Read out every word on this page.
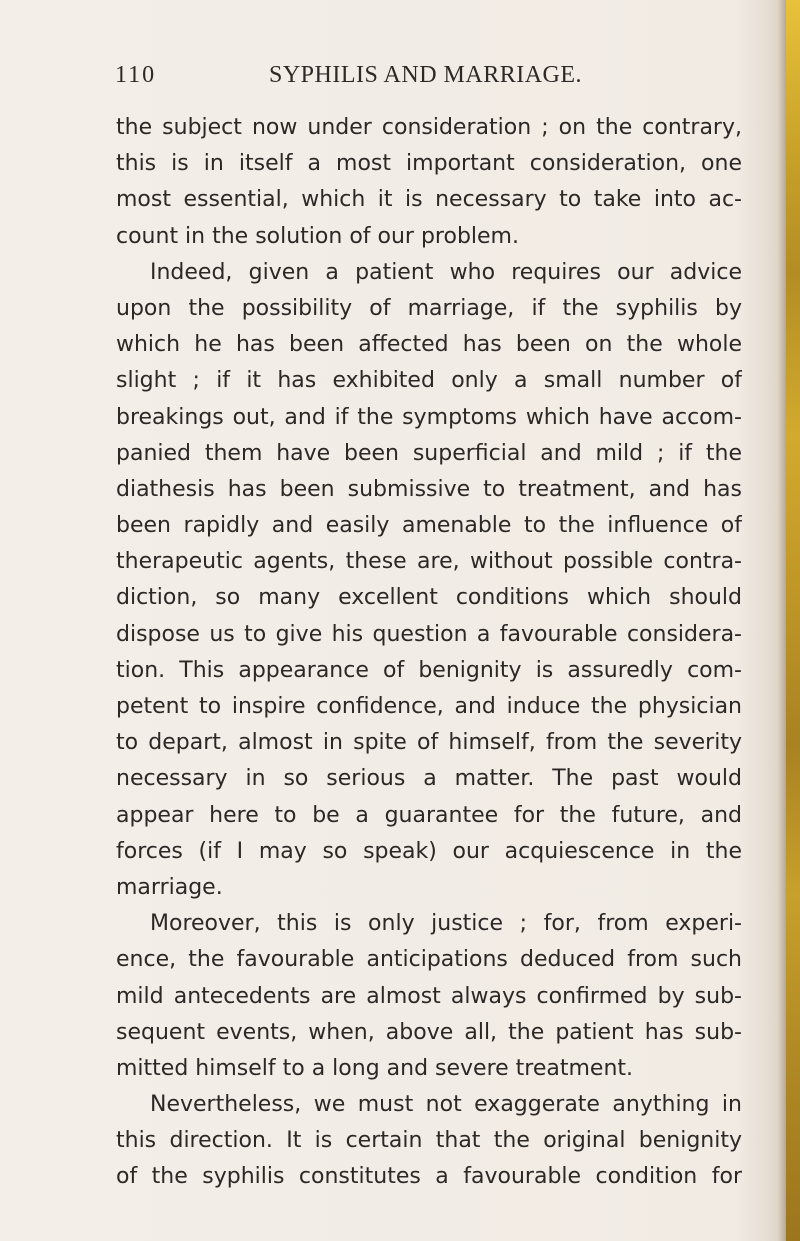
110	SYPHILIS AND MARRIAGE.
the subject now under consideration ; on the contrary,
this is in itself a most important consideration, one
most essential, which it is necessary to take into ac-
count in the solution of our problem.
Indeed, given a patient who requires our advice
upon the possibility of marriage, if the syphilis by
which he has been affected has been on the whole
slight ; if it has exhibited only a small number of
breakings out, and if the symptoms which have accom-
panied them have been superficial and mild ; if the
diathesis has been submissive to treatment, and has
been rapidly and easily amenable to the influence of
therapeutic agents, these are, without possible contra-
diction, so many excellent conditions which should
dispose us to give his question a favourable considera-
tion. This appearance of benignity is assuredly com-
petent to inspire confidence, and induce the physician
to depart, almost in spite of himself, from the severity
necessary in so serious a matter. The past would
appear here to be a guarantee for the future, and
forces (if I may so speak) our acquiescence in the
marriage.
Moreover, this is only justice ; for, from experi-
ence, the favourable anticipations deduced from such
mild antecedents are almost always confirmed by sub-
sequent events, when, above all, the patient has sub-
mitted himself to a long and severe treatment.
Nevertheless, we must not exaggerate anything in
this direction. It is certain that the original benignity
of the syphilis constitutes a favourable condition for
